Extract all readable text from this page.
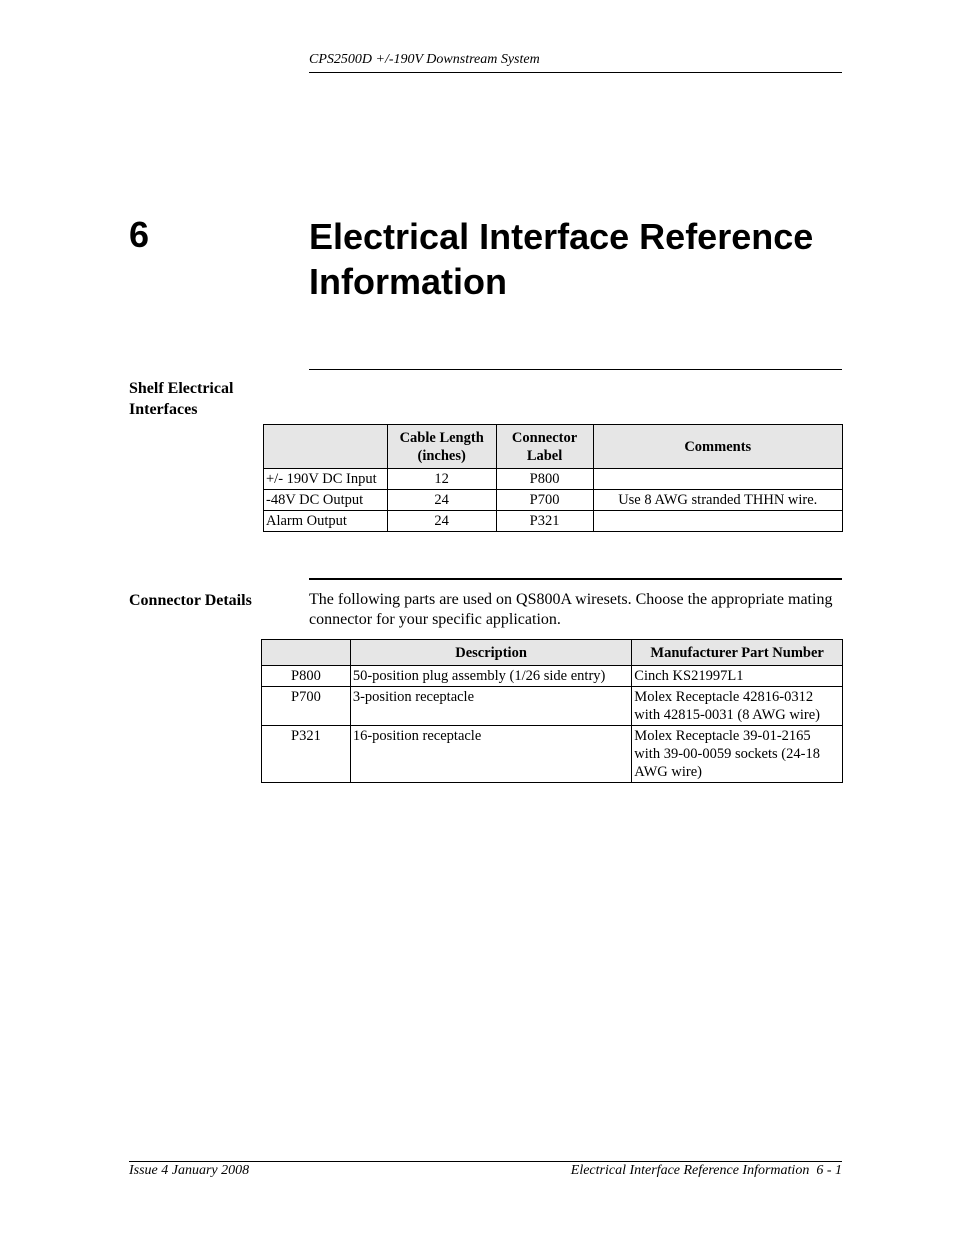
CPS2500D +/-190V Downstream System
6	Electrical Interface Reference Information
Shelf Electrical Interfaces
	Cable Length (inches)	Connector Label	Comments
+/- 190V DC Input	12	P800	
-48V DC Output	24	P700	Use 8 AWG stranded THHN wire.
Alarm Output	24	P321	
Connector Details	The following parts are used on QS800A wiresets. Choose the appropriate mating connector for your specific application.
	Description	Manufacturer Part Number
P800	50-position plug assembly (1/26 side entry)	Cinch KS21997L1
P700	3-position receptacle	Molex Receptacle 42816-0312 with 42815-0031 (8 AWG wire)
P321	16-position receptacle	Molex Receptacle 39-01-2165 with 39-00-0059 sockets (24-18 AWG wire)
Issue 4 January 2008	Electrical Interface Reference Information  6 - 1
